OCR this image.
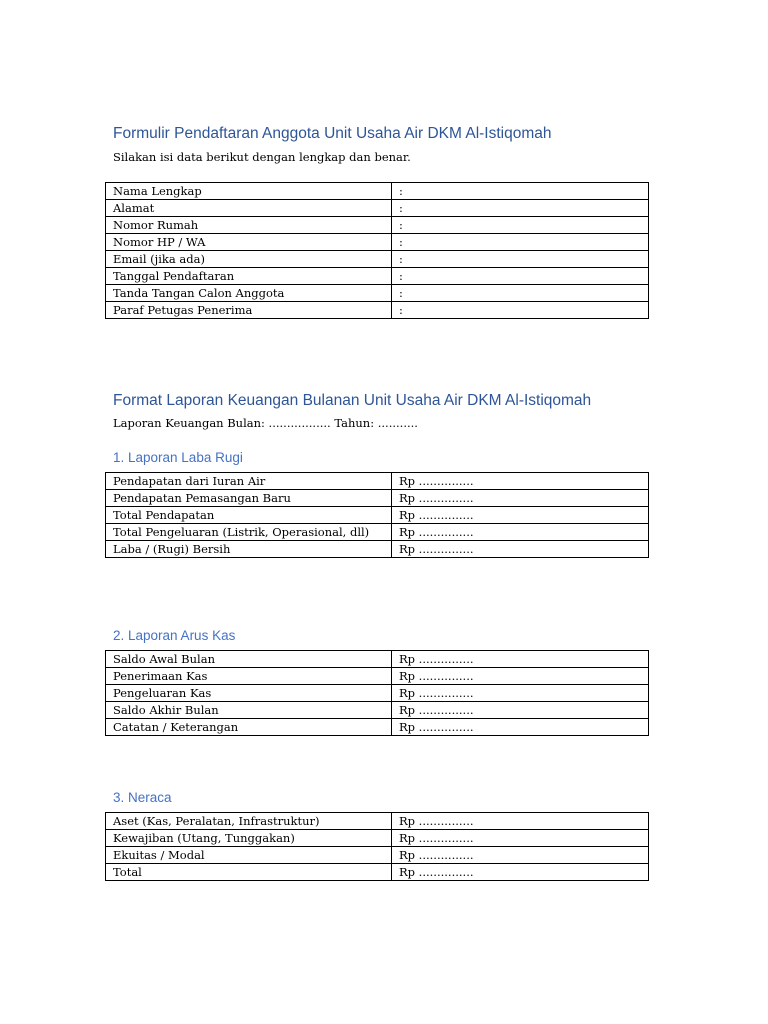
Formulir Pendaftaran Anggota Unit Usaha Air DKM Al-Istiqomah
Silakan isi data berikut dengan lengkap dan benar.
Nama Lengkap	:
Alamat	:
Nomor Rumah	:
Nomor HP / WA	:
Email (jika ada)	:
Tanggal Pendaftaran	:
Tanda Tangan Calon Anggota	:
Paraf Petugas Penerima	:
Format Laporan Keuangan Bulanan Unit Usaha Air DKM Al-Istiqomah
Laporan Keuangan Bulan: ................. Tahun: ...........
1. Laporan Laba Rugi
Pendapatan dari Iuran Air	Rp ...............
Pendapatan Pemasangan Baru	Rp ...............
Total Pendapatan	Rp ...............
Total Pengeluaran (Listrik, Operasional, dll)	Rp ...............
Laba / (Rugi) Bersih	Rp ...............
2. Laporan Arus Kas
Saldo Awal Bulan	Rp ...............
Penerimaan Kas	Rp ...............
Pengeluaran Kas	Rp ...............
Saldo Akhir Bulan	Rp ...............
Catatan / Keterangan	Rp ...............
3. Neraca
Aset (Kas, Peralatan, Infrastruktur)	Rp ...............
Kewajiban (Utang, Tunggakan)	Rp ...............
Ekuitas / Modal	Rp ...............
Total	Rp ...............
